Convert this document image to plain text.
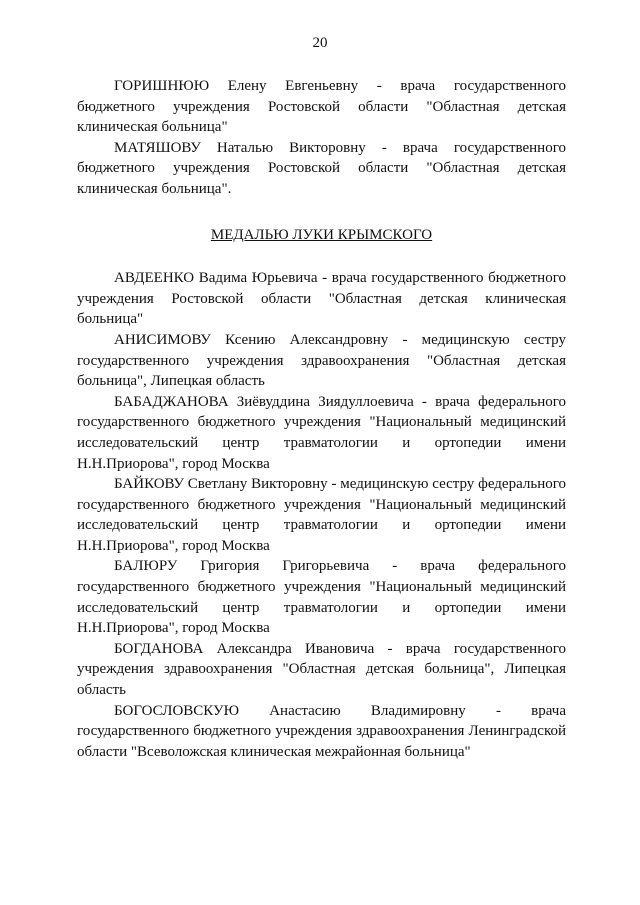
20

ГОРИШНЮЮ Елену Евгеньевну - врача государственного бюджетного учреждения Ростовской области "Областная детская клиническая больница"

МАТЯШОВУ Наталью Викторовну - врача государственного бюджетного учреждения Ростовской области "Областная детская клиническая больница".

МЕДАЛЬЮ ЛУКИ КРЫМСКОГО

АВДЕЕНКО Вадима Юрьевича - врача государственного бюджетного учреждения Ростовской области "Областная детская клиническая больница"

АНИСИМОВУ Ксению Александровну - медицинскую сестру государственного учреждения здравоохранения "Областная детская больница", Липецкая область

БАБАДЖАНОВА Зиёвуддина Зиядуллоевича - врача федерального государственного бюджетного учреждения "Национальный медицинский исследовательский центр травматологии и ортопедии имени Н.Н.Приорова", город Москва

БАЙКОВУ Светлану Викторовну - медицинскую сестру федерального государственного бюджетного учреждения "Национальный медицинский исследовательский центр травматологии и ортопедии имени Н.Н.Приорова", город Москва

БАЛЮРУ Григория Григорьевича - врача федерального государственного бюджетного учреждения "Национальный медицинский исследовательский центр травматологии и ортопедии имени Н.Н.Приорова", город Москва

БОГДАНОВА Александра Ивановича - врача государственного учреждения здравоохранения "Областная детская больница", Липецкая область

БОГОСЛОВСКУЮ Анастасию Владимировну - врача государственного бюджетного учреждения здравоохранения Ленинградской области "Всеволожская клиническая межрайонная больница"
